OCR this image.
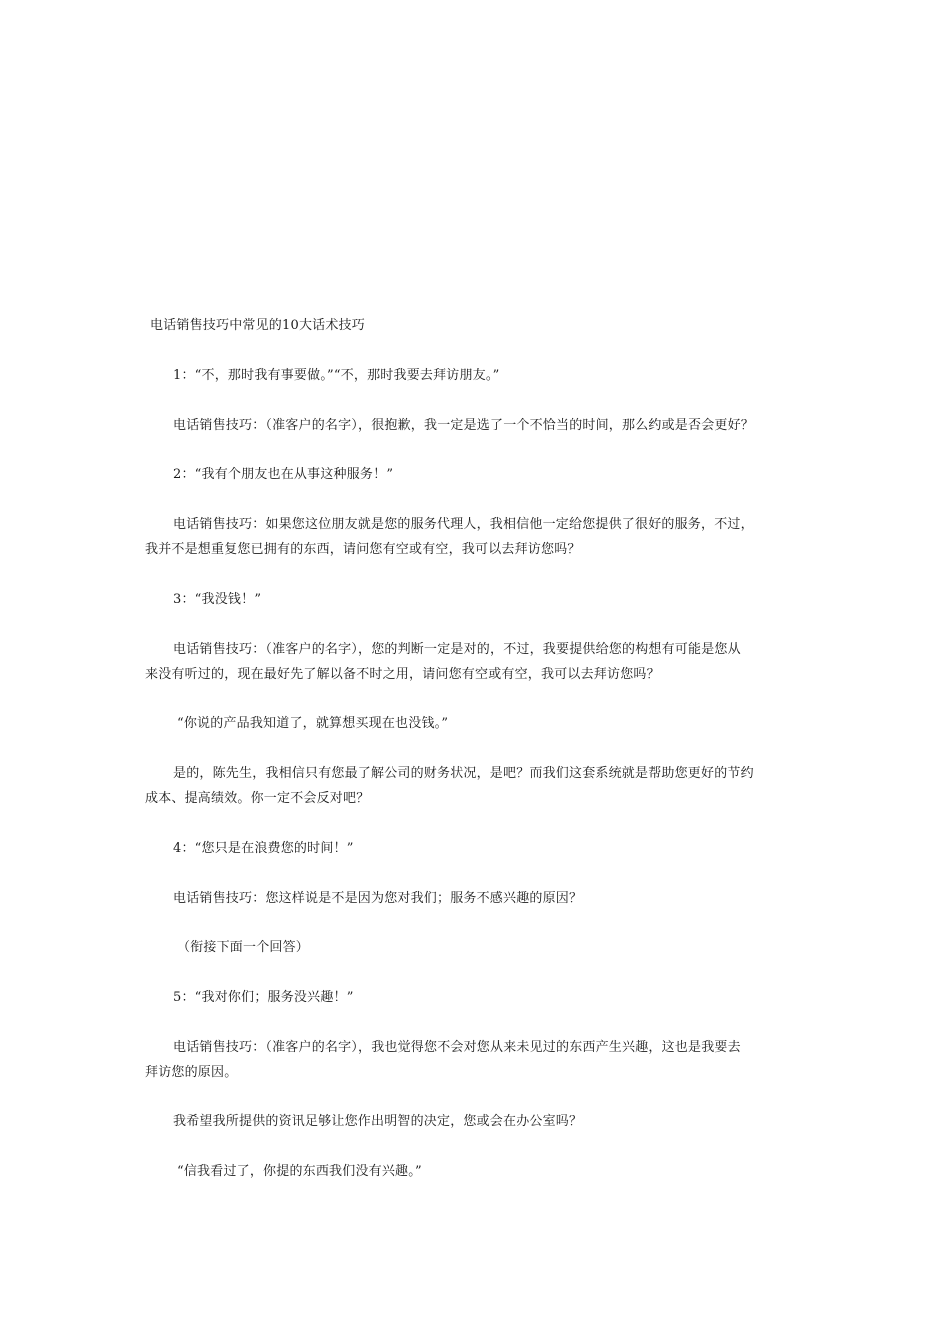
电话销售技巧中常见的10大话术技巧
1：“不，那时我有事要做。”“不，那时我要去拜访朋友。”
电话销售技巧：（准客户的名字），很抱歉，我一定是选了一个不恰当的时间，那么约或是否会更好？
2：“我有个朋友也在从事这种服务！”
电话销售技巧：如果您这位朋友就是您的服务代理人，我相信他一定给您提供了很好的服务，不过，
我并不是想重复您已拥有的东西，请问您有空或有空，我可以去拜访您吗？
3：“我没钱！”
电话销售技巧：（准客户的名字），您的判断一定是对的，不过，我要提供给您的构想有可能是您从
来没有听过的，现在最好先了解以备不时之用，请问您有空或有空，我可以去拜访您吗？
“你说的产品我知道了，就算想买现在也没钱。”
是的，陈先生，我相信只有您最了解公司的财务状况，是吧？而我们这套系统就是帮助您更好的节约
成本、提高绩效。你一定不会反对吧？
4：“您只是在浪费您的时间！”
电话销售技巧：您这样说是不是因为您对我们；服务不感兴趣的原因？
（衔接下面一个回答）
5：“我对你们；服务没兴趣！”
电话销售技巧：（准客户的名字），我也觉得您不会对您从来未见过的东西产生兴趣，这也是我要去
拜访您的原因。
我希望我所提供的资讯足够让您作出明智的决定，您或会在办公室吗？
“信我看过了，你提的东西我们没有兴趣。”
